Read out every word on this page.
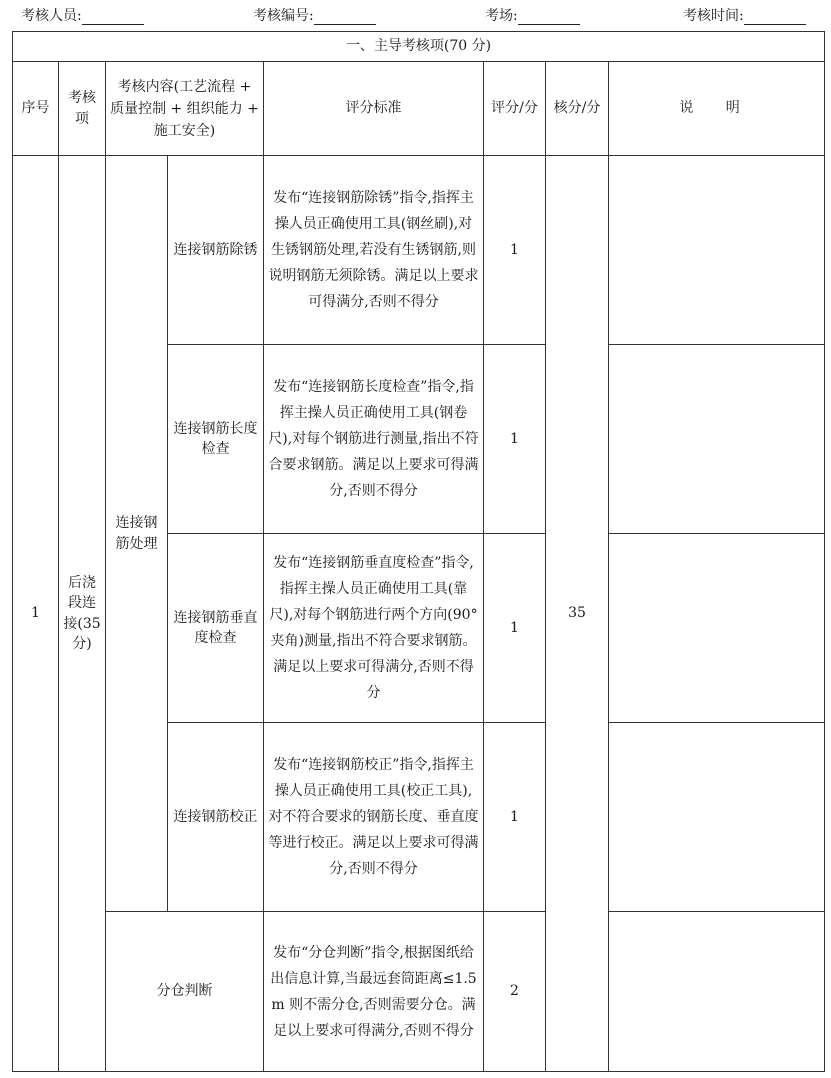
考核人员:	考核编号:	考场:	考核时间:
一、主导考核项(70 分)							
序号	考核项	考核内容(工艺流程 + 质量控制 + 组织能力 + 施工安全)		评分标准	评分/分	核分/分	说 明
1	后浇段连接(35分)	连接钢筋处理	连接钢筋除锈	发布“连接钢筋除锈”指令,指挥主操人员正确使用工具(钢丝刷),对生锈钢筋处理,若没有生锈钢筋,则说明钢筋无须除锈。满足以上要求可得满分,否则不得分	1	35	
			连接钢筋长度检查	发布“连接钢筋长度检查”指令,指挥主操人员正确使用工具(钢卷尺),对每个钢筋进行测量,指出不符合要求钢筋。满足以上要求可得满分,否则不得分	1		
			连接钢筋垂直度检查	发布“连接钢筋垂直度检查”指令,指挥主操人员正确使用工具(靠尺),对每个钢筋进行两个方向(90°夹角)测量,指出不符合要求钢筋。满足以上要求可得满分,否则不得分	1		
			连接钢筋校正	发布“连接钢筋校正”指令,指挥主操人员正确使用工具(校正工具),对不符合要求的钢筋长度、垂直度等进行校正。满足以上要求可得满分,否则不得分	1		
		分仓判断		发布“分仓判断”指令,根据图纸给出信息计算,当最远套筒距离≤1.5 m 则不需分仓,否则需要分仓。满足以上要求可得满分,否则不得分	2		
